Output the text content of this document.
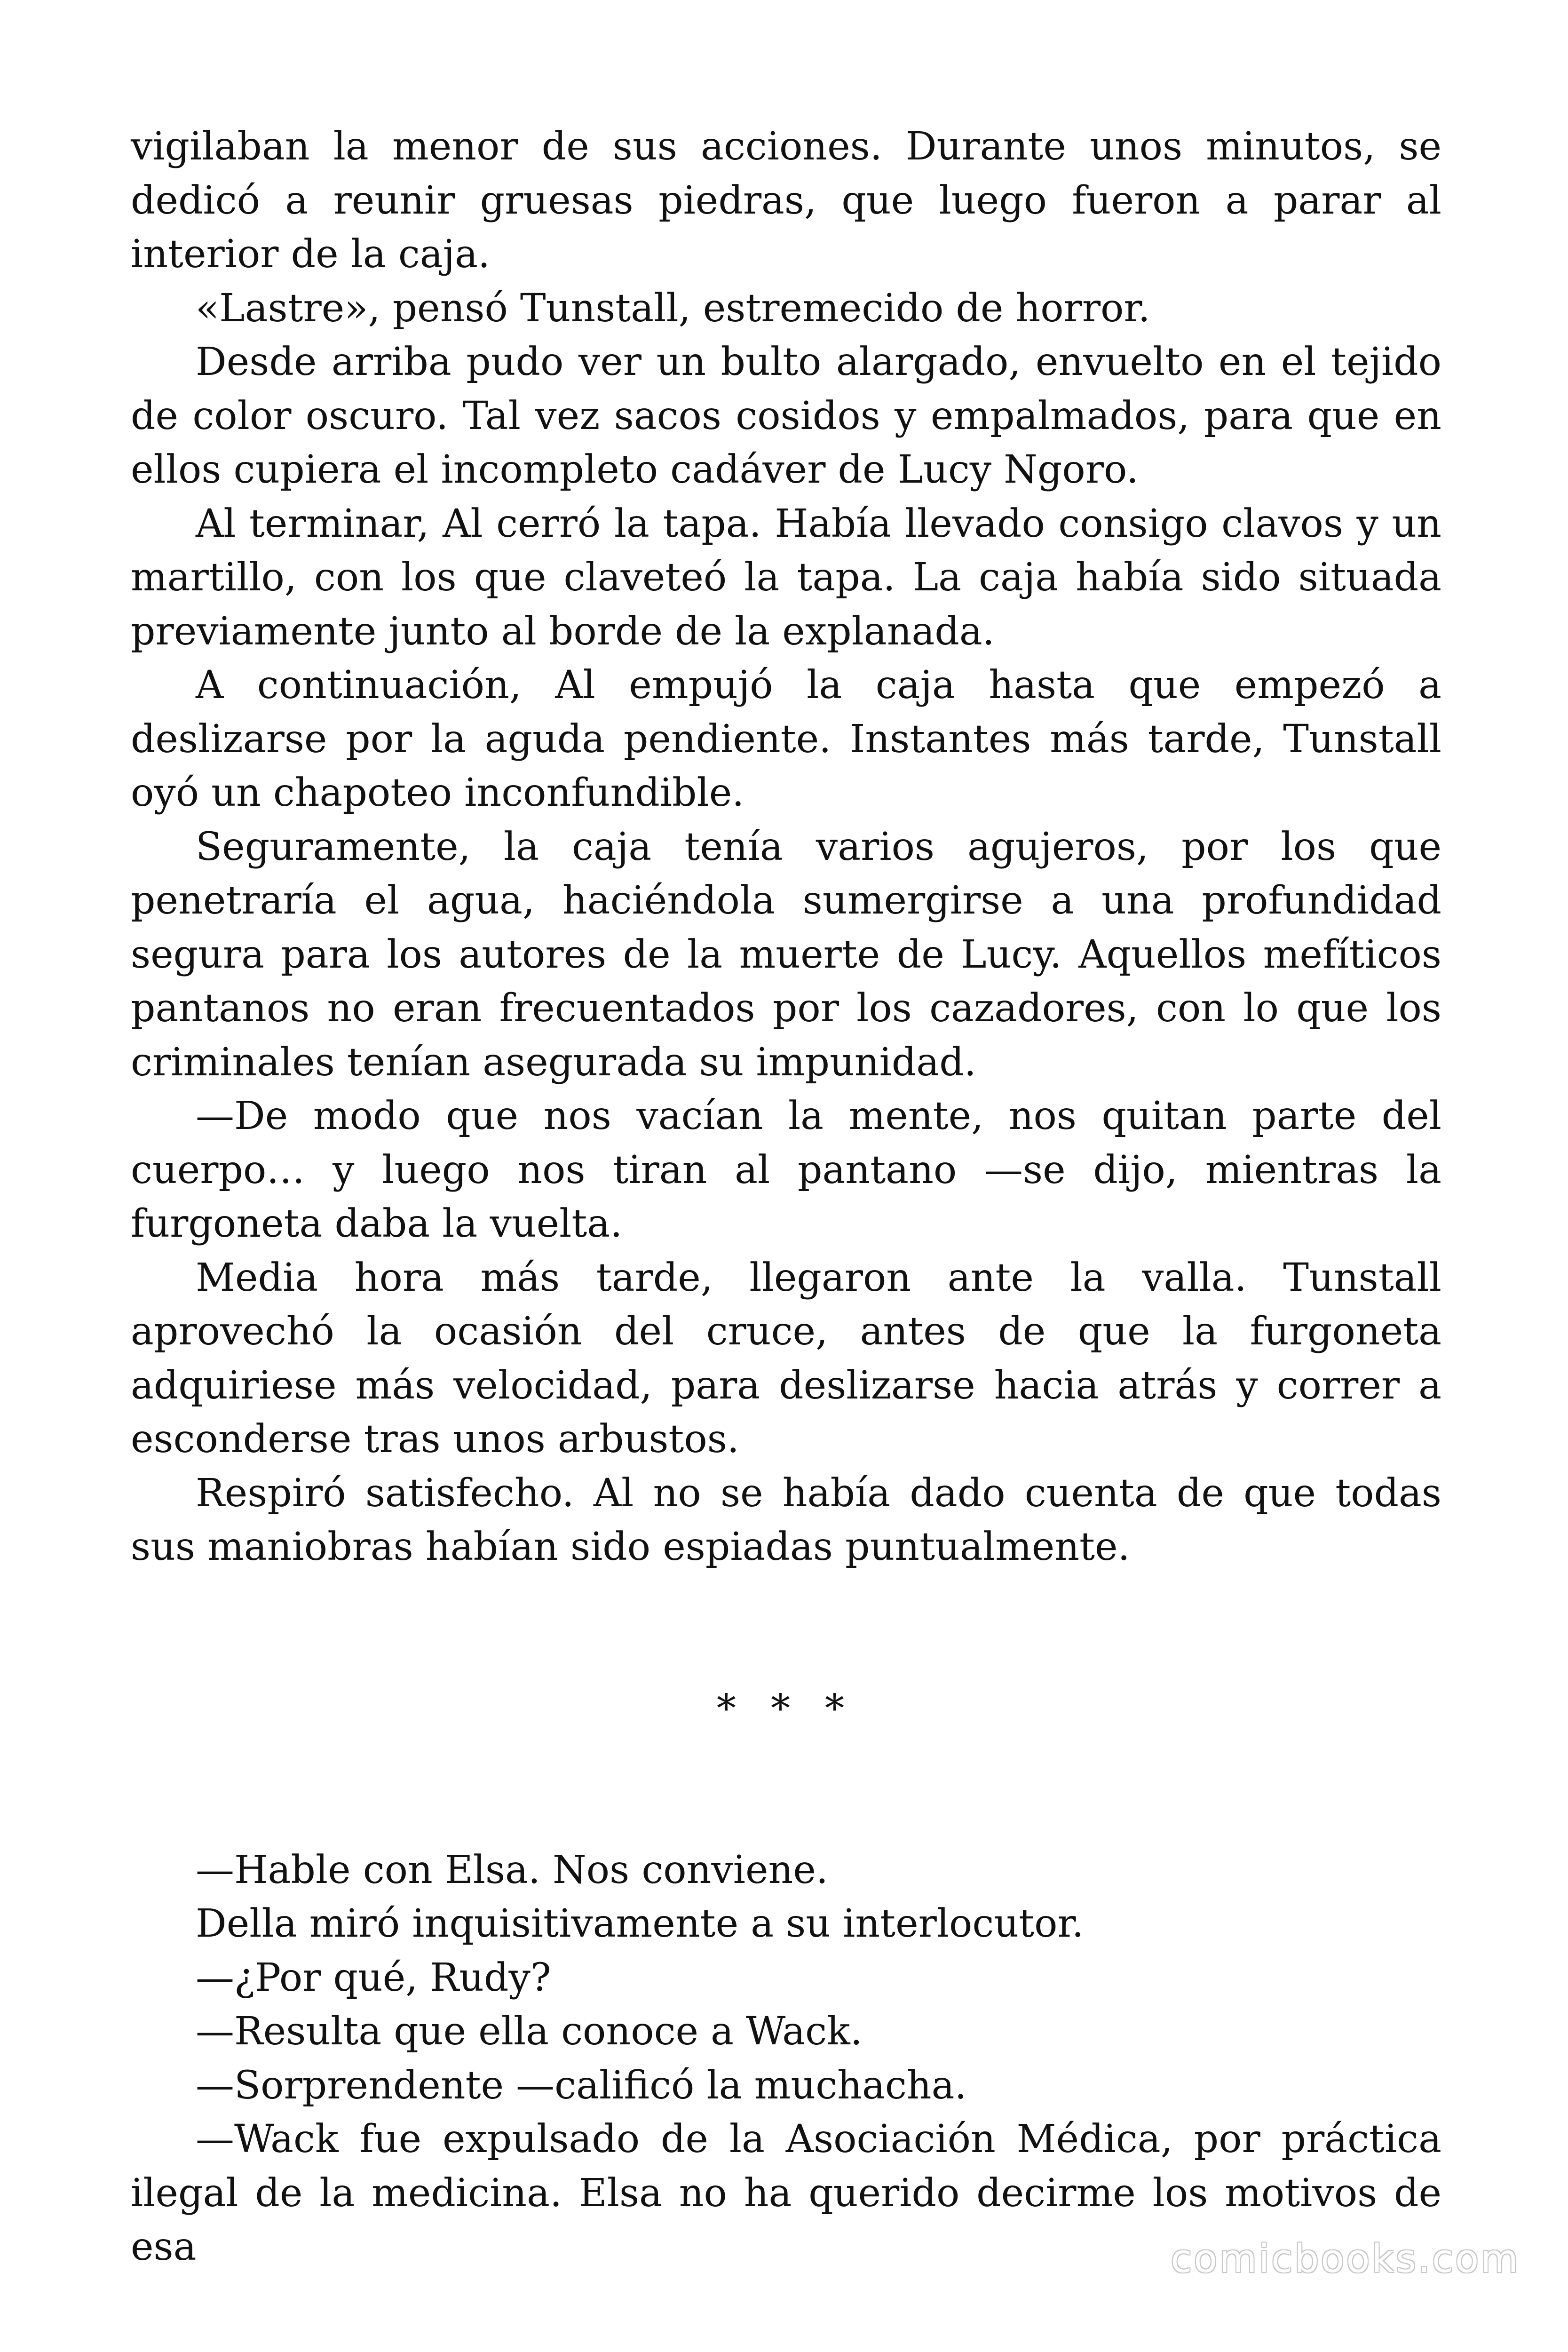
vigilaban la menor de sus acciones. Durante unos minutos, se dedicó a reunir gruesas piedras, que luego fueron a parar al interior de la caja.

«Lastre», pensó Tunstall, estremecido de horror.

Desde arriba pudo ver un bulto alargado, envuelto en el tejido de color oscuro. Tal vez sacos cosidos y empalmados, para que en ellos cupiera el incompleto cadáver de Lucy Ngoro.

Al terminar, Al cerró la tapa. Había llevado consigo clavos y un martillo, con los que claveteó la tapa. La caja había sido situada previamente junto al borde de la explanada.

A continuación, Al empujó la caja hasta que empezó a deslizarse por la aguda pendiente. Instantes más tarde, Tunstall oyó un chapoteo inconfundible.

Seguramente, la caja tenía varios agujeros, por los que penetraría el agua, haciéndola sumergirse a una profundidad segura para los autores de la muerte de Lucy. Aquellos mefíticos pantanos no eran frecuentados por los cazadores, con lo que los criminales tenían asegurada su impunidad.

—De modo que nos vacían la mente, nos quitan parte del cuerpo… y luego nos tiran al pantano —se dijo, mientras la furgoneta daba la vuelta.

Media hora más tarde, llegaron ante la valla. Tunstall aprovechó la ocasión del cruce, antes de que la furgoneta adquiriese más velocidad, para deslizarse hacia atrás y correr a esconderse tras unos arbustos.

Respiró satisfecho. Al no se había dado cuenta de que todas sus maniobras habían sido espiadas puntualmente.

* * *

—Hable con Elsa. Nos conviene.

Della miró inquisitivamente a su interlocutor.

—¿Por qué, Rudy?

—Resulta que ella conoce a Wack.

—Sorprendente —calificó la muchacha.

—Wack fue expulsado de la Asociación Médica, por práctica ilegal de la medicina. Elsa no ha querido decirme los motivos de esa	comicbooks.com
